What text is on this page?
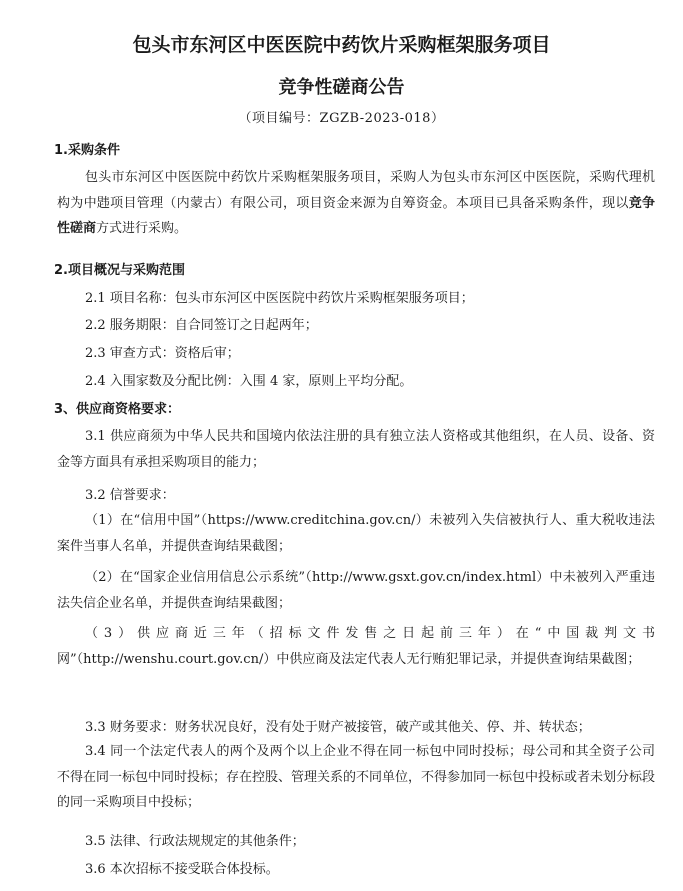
包头市东河区中医医院中药饮片采购框架服务项目
竞争性磋商公告
（项目编号：ZGZB-2023-018）
1.采购条件
包头市东河区中医医院中药饮片采购框架服务项目，采购人为包头市东河区中医医院，采购代理机构为中韪项目管理（内蒙古）有限公司，项目资金来源为自筹资金。本项目已具备采购条件，现以竞争性磋商方式进行采购。
2.项目概况与采购范围
2.1 项目名称：包头市东河区中医医院中药饮片采购框架服务项目；
2.2 服务期限：自合同签订之日起两年；
2.3 审查方式：资格后审；
2.4 入围家数及分配比例：入围 4 家，原则上平均分配。
3、供应商资格要求：
3.1 供应商须为中华人民共和国境内依法注册的具有独立法人资格或其他组织，在人员、设备、资金等方面具有承担采购项目的能力；
3.2 信誉要求：
（1）在“信用中国”（https://www.creditchina.gov.cn/）未被列入失信被执行人、重大税收违法案件当事人名单，并提供查询结果截图；
（2）在“国家企业信用信息公示系统”（http://www.gsxt.gov.cn/index.html）中未被列入严重违法失信企业名单，并提供查询结果截图；
（3）供应商近三年（招标文件发售之日起前三年）在“中国裁判文书网”（http://wenshu.court.gov.cn/）中供应商及法定代表人无行贿犯罪记录，并提供查询结果截图；
3.3 财务要求：财务状况良好，没有处于财产被接管，破产或其他关、停、并、转状态；
3.4 同一个法定代表人的两个及两个以上企业不得在同一标包中同时投标；母公司和其全资子公司不得在同一标包中同时投标；存在控股、管理关系的不同单位，不得参加同一标包中投标或者未划分标段的同一采购项目中投标；
3.5 法律、行政法规规定的其他条件；
3.6 本次招标不接受联合体投标。
